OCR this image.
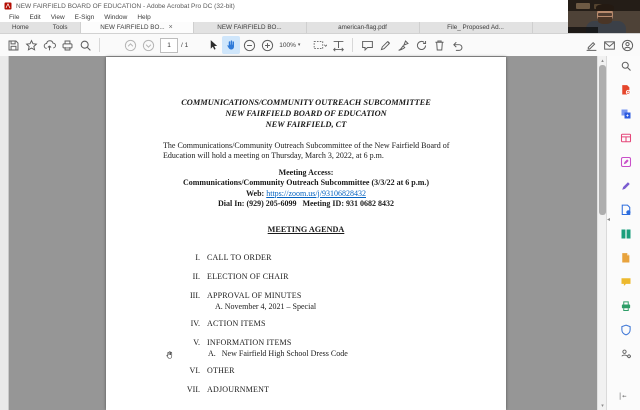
NEW FAIRFIELD BOARD OF EDUCATION - Adobe Acrobat Pro DC (32-bit)
File	Edit	View	E-Sign	Window	Help
Home	Tools	NEW FAIRFIELD BO... ×	NEW FAIRFIELD BO...	american-flag.pdf	File_ Proposed Ad...
1	/ 1	100% ▾
COMMUNICATIONS/COMMUNITY OUTREACH SUBCOMMITTEE
NEW FAIRFIELD BOARD OF EDUCATION
NEW FAIRFIELD, CT
The Communications/Community Outreach Subcommittee of the New Fairfield Board of
Education will hold a meeting on Thursday, March 3, 2022, at 6 p.m.
Meeting Access:
Communications/Community Outreach Subcommittee (3/3/22 at 6 p.m.)
Web: https://zoom.us/j/93106828432
Dial In: (929) 205-6099   Meeting ID: 931 0682 8432
MEETING AGENDA
I. CALL TO ORDER
II. ELECTION OF CHAIR
III. APPROVAL OF MINUTES
A. November 4, 2021 – Special
IV. ACTION ITEMS
V. INFORMATION ITEMS
A.   New Fairfield High School Dress Code
VI. OTHER
VII. ADJOURNMENT
▴
▾
◂
|←
